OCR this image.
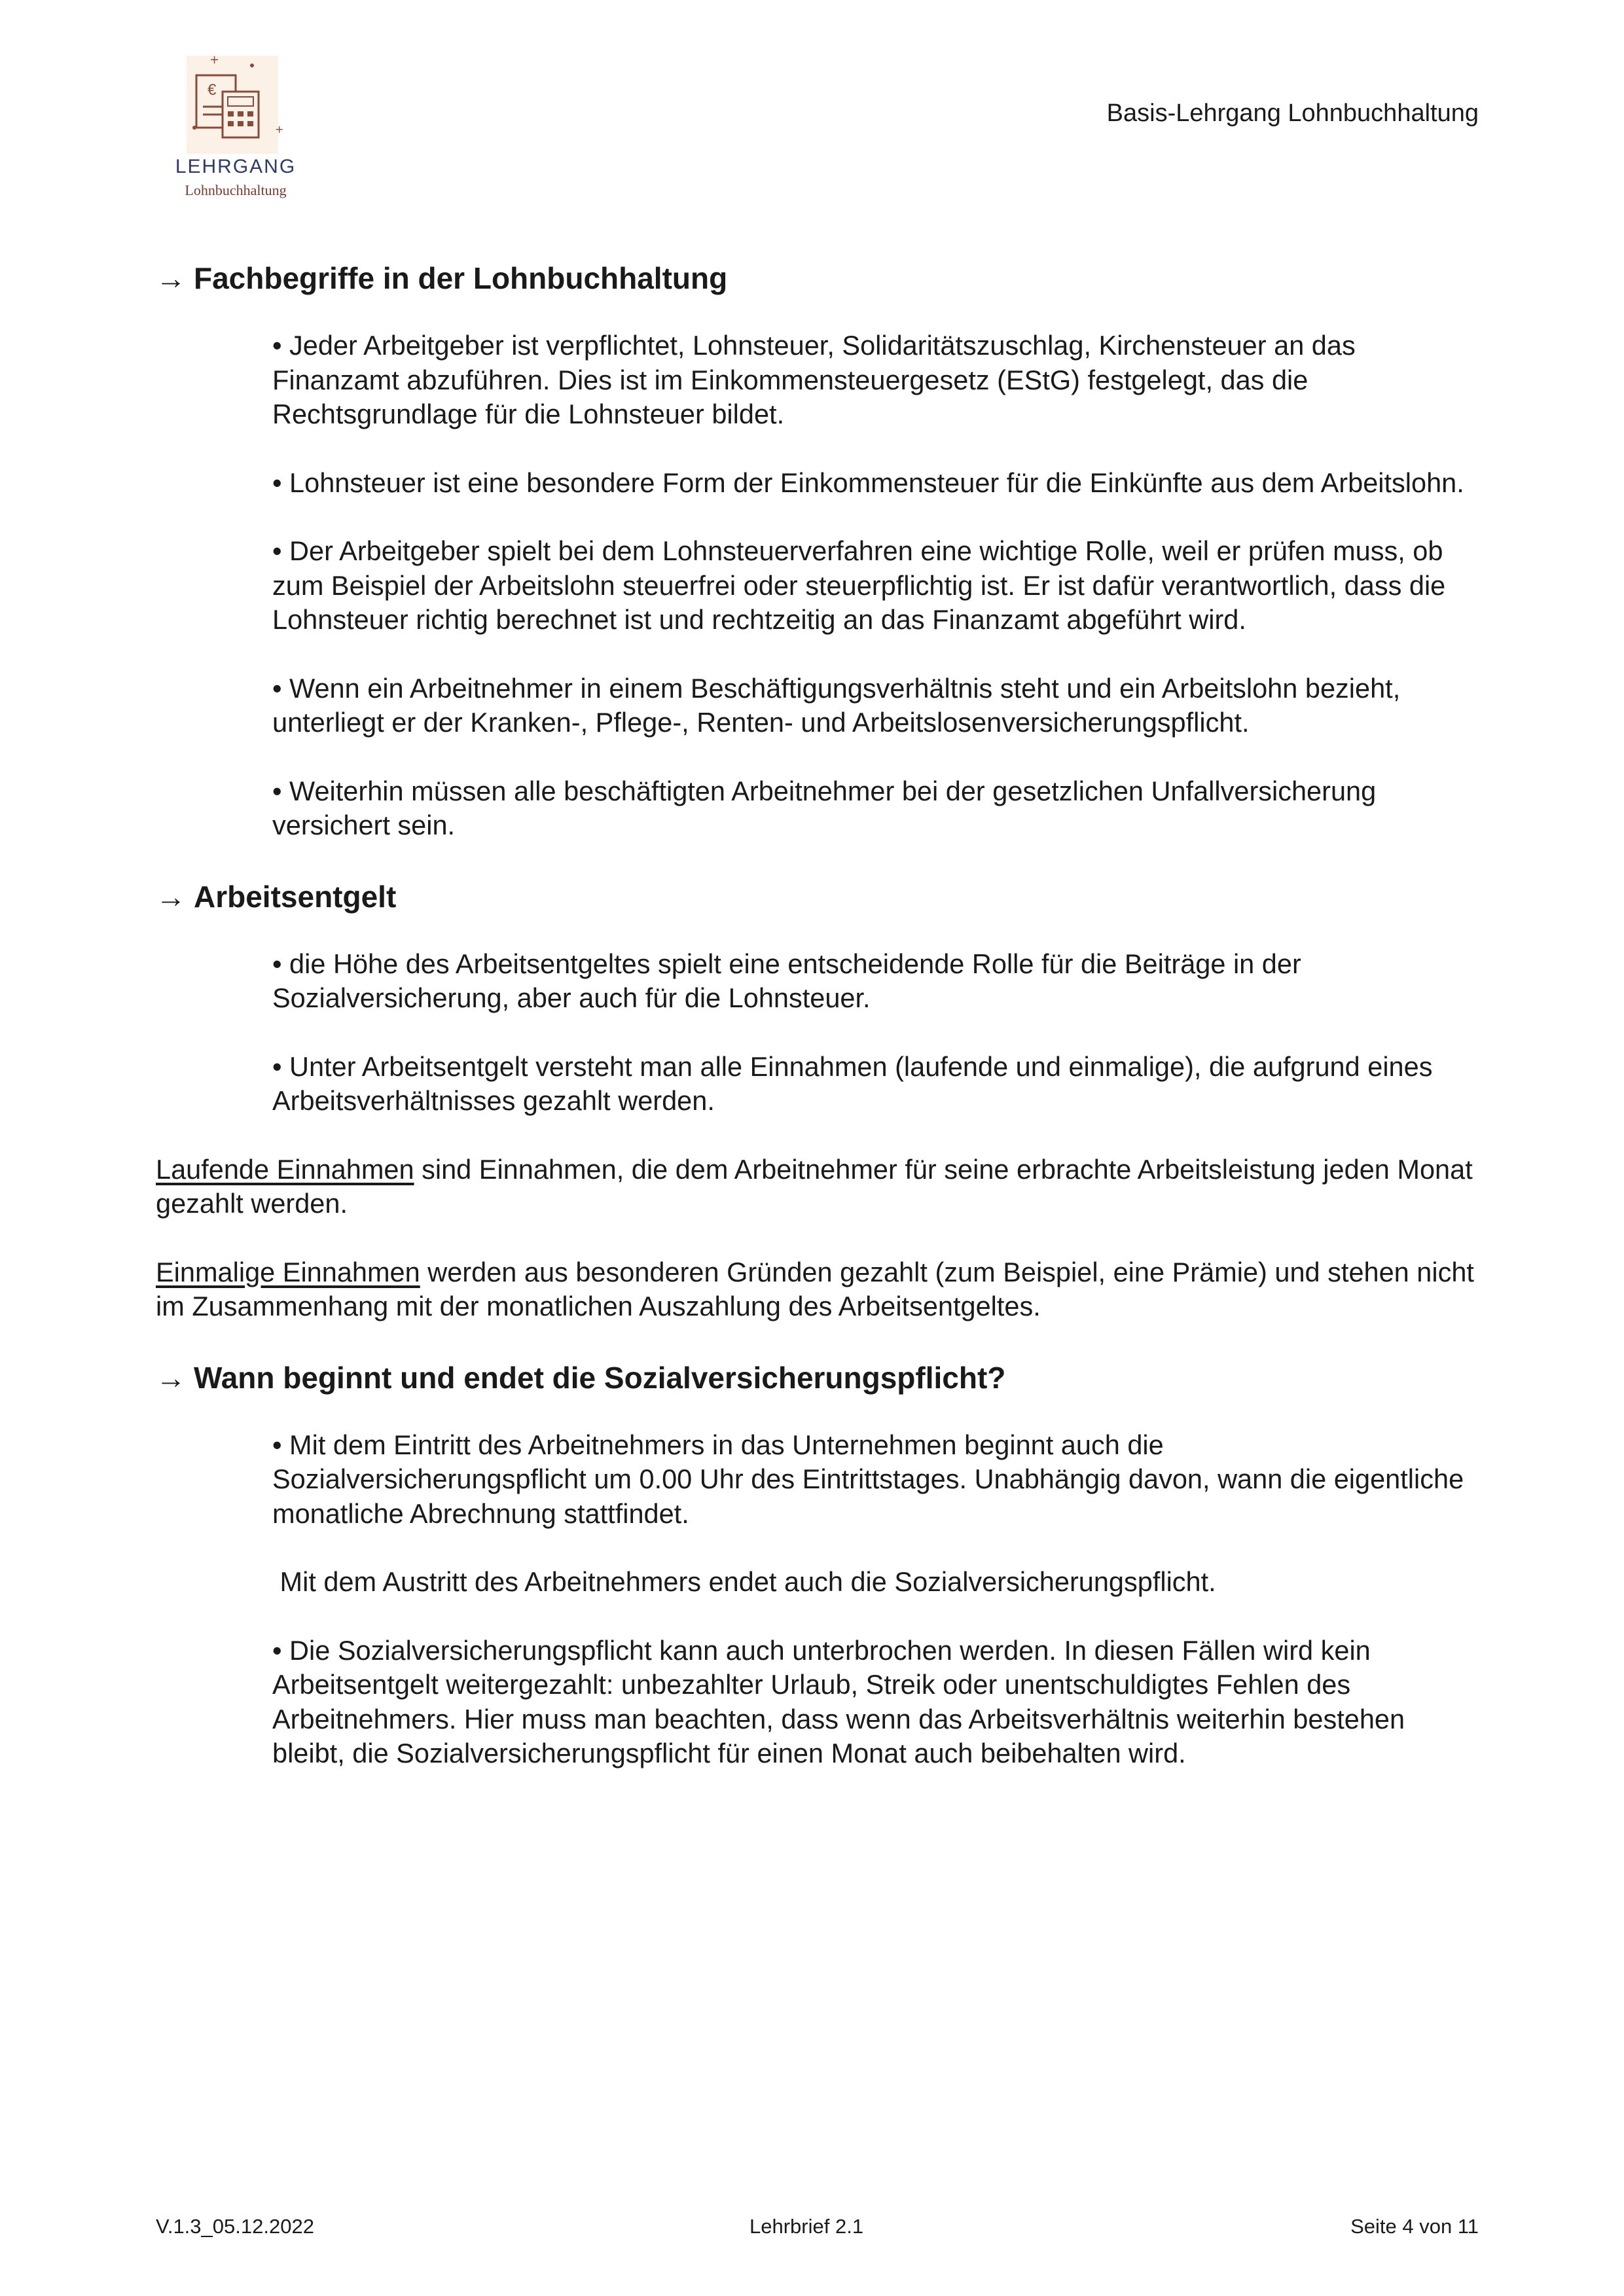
€
+
+
LEHRGANG
Lohnbuchhaltung
Basis-Lehrgang Lohnbuchhaltung
→ Fachbegriffe in der Lohnbuchhaltung

• Jeder Arbeitgeber ist verpflichtet, Lohnsteuer, Solidaritätszuschlag, Kirchensteuer an das Finanzamt abzuführen. Dies ist im Einkommensteuergesetz (EStG) festgelegt, das die Rechtsgrundlage für die Lohnsteuer bildet.

• Lohnsteuer ist eine besondere Form der Einkommensteuer für die Einkünfte aus dem Arbeitslohn.

• Der Arbeitgeber spielt bei dem Lohnsteuerverfahren eine wichtige Rolle, weil er prüfen muss, ob zum Beispiel der Arbeitslohn steuerfrei oder steuerpflichtig ist. Er ist dafür verantwortlich, dass die Lohnsteuer richtig berechnet ist und rechtzeitig an das Finanzamt abgeführt wird.

• Wenn ein Arbeitnehmer in einem Beschäftigungsverhältnis steht und ein Arbeitslohn bezieht, unterliegt er der Kranken-, Pflege-, Renten- und Arbeitslosenversicherungspflicht.

• Weiterhin müssen alle beschäftigten Arbeitnehmer bei der gesetzlichen Unfallversicherung versichert sein.

→ Arbeitsentgelt

• die Höhe des Arbeitsentgeltes spielt eine entscheidende Rolle für die Beiträge in der Sozialversicherung, aber auch für die Lohnsteuer.

• Unter Arbeitsentgelt versteht man alle Einnahmen (laufende und einmalige), die aufgrund eines Arbeitsverhältnisses gezahlt werden.

Laufende Einnahmen sind Einnahmen, die dem Arbeitnehmer für seine erbrachte Arbeitsleistung jeden Monat gezahlt werden.

Einmalige Einnahmen werden aus besonderen Gründen gezahlt (zum Beispiel, eine Prämie) und stehen nicht im Zusammenhang mit der monatlichen Auszahlung des Arbeitsentgeltes.

→ Wann beginnt und endet die Sozialversicherungspflicht?

• Mit dem Eintritt des Arbeitnehmers in das Unternehmen beginnt auch die Sozialversicherungspflicht um 0.00 Uhr des Eintrittstages. Unabhängig davon, wann die eigentliche monatliche Abrechnung stattfindet.

Mit dem Austritt des Arbeitnehmers endet auch die Sozialversicherungspflicht.

• Die Sozialversicherungspflicht kann auch unterbrochen werden. In diesen Fällen wird kein Arbeitsentgelt weitergezahlt: unbezahlter Urlaub, Streik oder unentschuldigtes Fehlen des Arbeitnehmers. Hier muss man beachten, dass wenn das Arbeitsverhältnis weiterhin bestehen bleibt, die Sozialversicherungspflicht für einen Monat auch beibehalten wird.

V.1.3_05.12.2022	Lehrbrief 2.1	Seite 4 von 11
